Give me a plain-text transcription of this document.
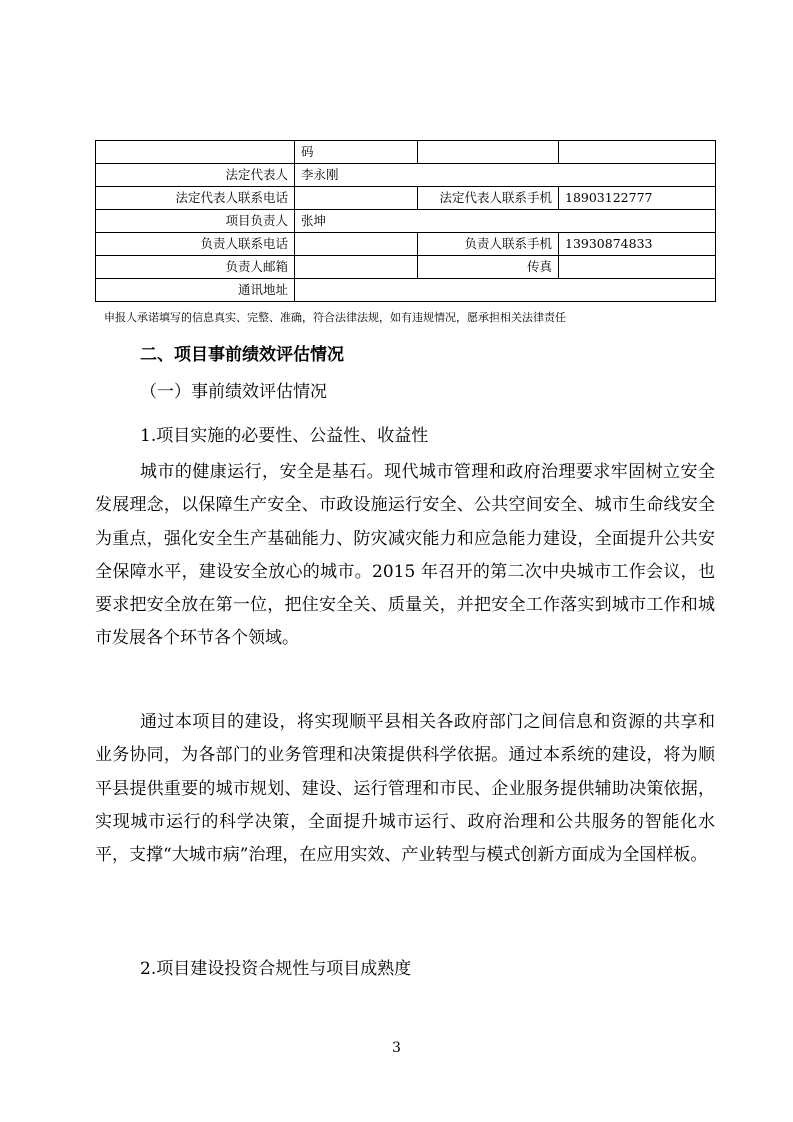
	码		
法定代表人	李永刚		
法定代表人联系电话		法定代表人联系手机	18903122777
项目负责人	张坤		
负责人联系电话		负责人联系手机	13930874833
负责人邮箱		传真	
通讯地址			
申报人承诺填写的信息真实、完整、准确，符合法律法规，如有违规情况，愿承担相关法律责任
二、项目事前绩效评估情况
（一）事前绩效评估情况
1.项目实施的必要性、公益性、收益性

城市的健康运行，安全是基石。现代城市管理和政府治理要求牢固树立安全发展理念，以保障生产安全、市政设施运行安全、公共空间安全、城市生命线安全为重点，强化安全生产基础能力、防灾减灾能力和应急能力建设，全面提升公共安全保障水平，建设安全放心的城市。2015 年召开的第二次中央城市工作会议，也要求把安全放在第一位，把住安全关、质量关，并把安全工作落实到城市工作和城市发展各个环节各个领域。

通过本项目的建设，将实现顺平县相关各政府部门之间信息和资源的共享和业务协同，为各部门的业务管理和决策提供科学依据。通过本系统的建设，将为顺平县提供重要的城市规划、建设、运行管理和市民、企业服务提供辅助决策依据，实现城市运行的科学决策，全面提升城市运行、政府治理和公共服务的智能化水平，支撑“大城市病”治理，在应用实效、产业转型与模式创新方面成为全国样板。

2.项目建设投资合规性与项目成熟度
3
